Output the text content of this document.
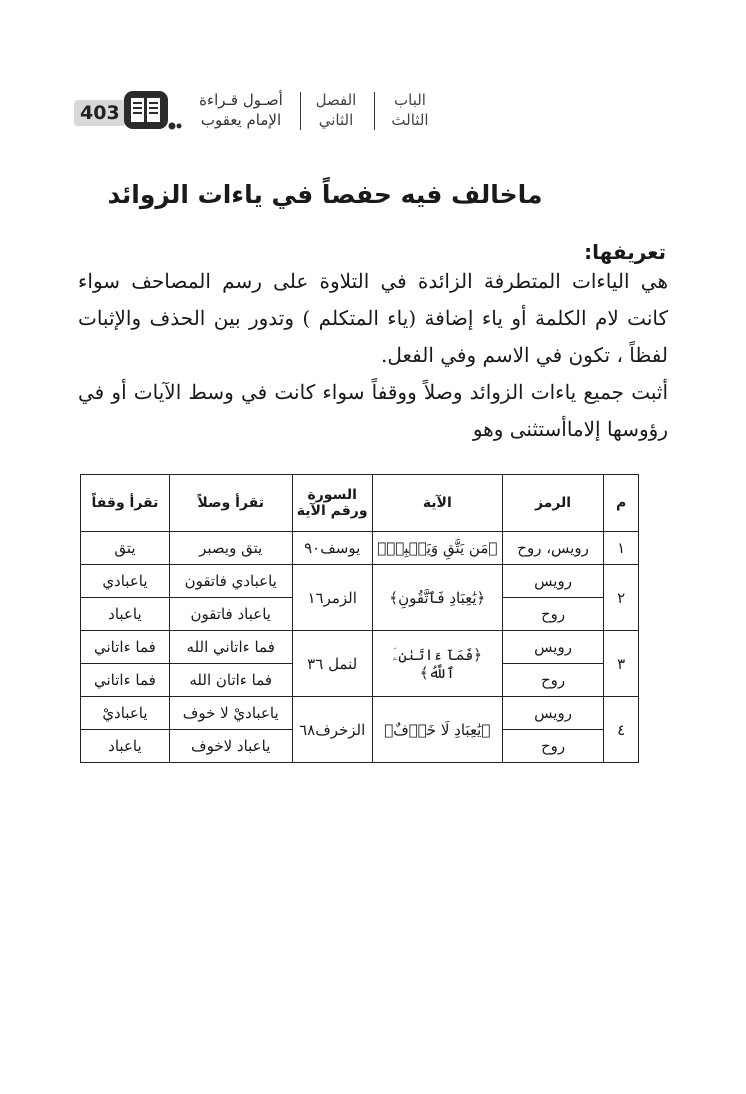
403
أصـول قـراءة
الإمام يعقوب
الفصل
الثاني
الباب
الثالث
ماخالف فيه حفصاً في ياءات الزوائد
تعريفها:

هي الياءات المتطرفة الزائدة في التلاوة على رسم المصاحف سواء كانت لام الكلمة أو ياء إضافة (ياء المتكلم ) وتدور بين الحذف والإثبات لفظاً ، تكون في الاسم وفي الفعل.

أثبت جميع ياءات الزوائد وصلاً ووقفاً سواء كانت في وسط الآيات أو في رؤوسها إلاماأستثنى وهو

م	الرمز	الآية	السورة ورقم الآية	تقرأ وصلاً	تقرأ وقفاً
١	رويس، روح	﴿مَن يَتَّقِ وَيَصۡبِرۡ﴾	يوسف٩٠	يتق ويصبر	يتق
٢	رويس	﴿يَٰعِبَادِ فَٱتَّقُونِ﴾	الزمر١٦	ياعبادي فاتقون	ياعبادي
	روح			ياعباد فاتقون	ياعباد
٣	رويس	﴿فَمَآ ءَاتَىٰنِۦَ ٱللَّهُ﴾	لنمل ٣٦	فما ءاتاني الله	فما ءاتاني
	روح			فما ءاتان الله	فما ءاتاني
٤	رويس	﴿يَٰعِبَادِ لَا خَوۡفٌ﴾	الزخرف٦٨	ياعباديْ لا خوف	ياعباديْ
	روح			ياعباد لاخوف	ياعباد
